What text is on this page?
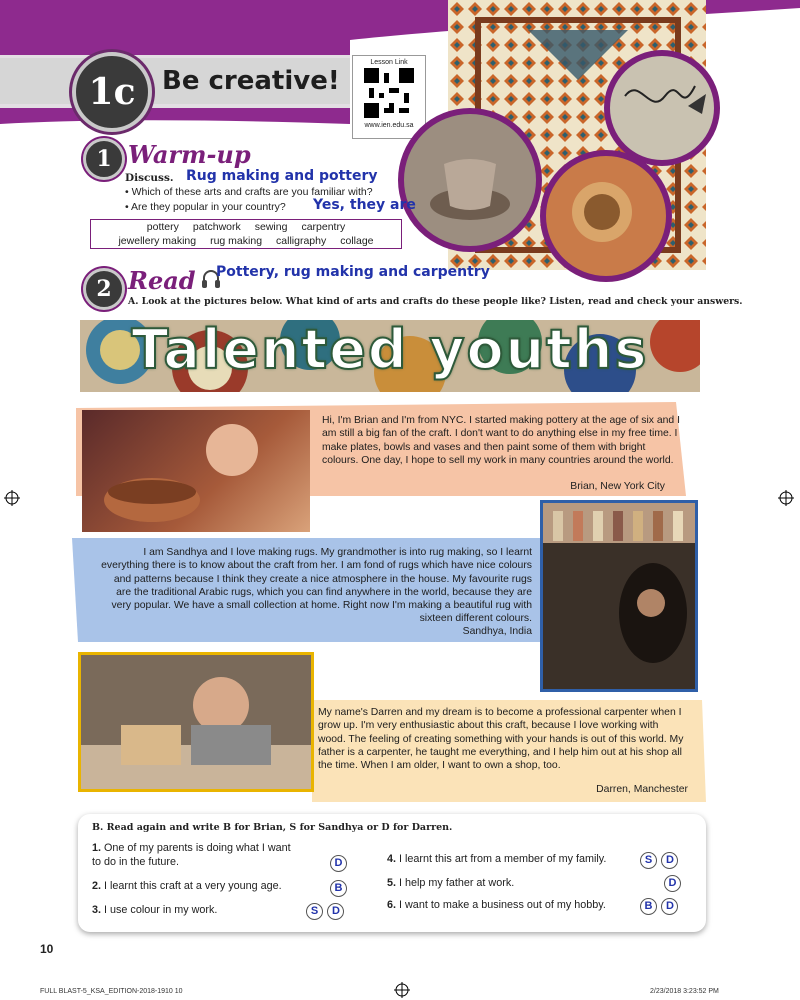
1c	Be creative!
Lesson Link
www.ien.edu.sa
1 Warm-up
Discuss. Rug making and pottery
• Which of these arts and crafts are you familiar with?
• Are they popular in your country? Yes, they are
pottery patchwork sewing carpentry
jewellery making rug making calligraphy collage
2 Read Pottery, rug making and carpentry
A. Look at the pictures below. What kind of arts and crafts do these people like? Listen, read and check your answers.
Talented youths
Hi, I'm Brian and I'm from NYC. I started making pottery at the age of six and I am still a big fan of the craft. I don't want to do anything else in my free time. I make plates, bowls and vases and then paint some of them with bright colours. One day, I hope to sell my work in many countries around the world.
Brian, New York City
I am Sandhya and I love making rugs. My grandmother is into rug making, so I learnt everything there is to know about the craft from her. I am fond of rugs which have nice colours and patterns because I think they create a nice atmosphere in the house. My favourite rugs are the traditional Arabic rugs, which you can find anywhere in the world, because they are very popular. We have a small collection at home. Right now I'm making a beautiful rug with sixteen different colours.
Sandhya, India
My name's Darren and my dream is to become a professional carpenter when I grow up. I'm very enthusiastic about this craft, because I love working with wood. The feeling of creating something with your hands is out of this world. My father is a carpenter, he taught me everything, and I help him out at his shop all the time. When I am older, I want to own a shop, too.
Darren, Manchester
B. Read again and write B for Brian, S for Sandhya or D for Darren.
1. One of my parents is doing what I want to do in the future.	D
2. I learnt this craft at a very young age.	B
3. I use colour in my work.	S D
4. I learnt this art from a member of my family.	S D
5. I help my father at work.	D
6. I want to make a business out of my hobby.	B D
10
FULL BLAST-5_KSA_EDITION-2018-1910 10	2/23/2018 3:23:52 PM
